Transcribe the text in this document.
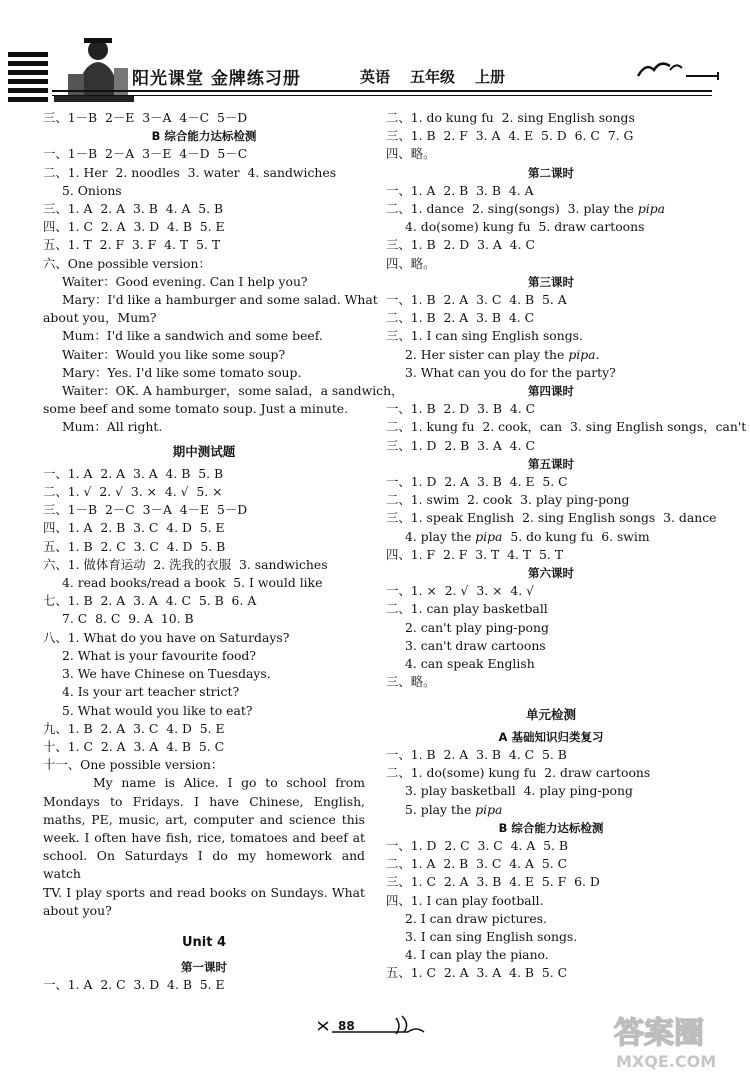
阳光课堂 金牌练习册	英语 五年级 上册
三、1－B  2－E  3－A  4－C  5－D
B 综合能力达标检测
一、1－B  2－A  3－E  4－D  5－C
二、1. Her  2. noodles  3. water  4. sandwiches
5. Onions
三、1. A  2. A  3. B  4. A  5. B
四、1. C  2. A  3. D  4. B  5. E
五、1. T  2. F  3. F  4. T  5. T
六、One possible version：
Waiter：Good evening. Can I help you?
Mary：I'd like a hamburger and some salad. What
about you，Mum?
Mum：I'd like a sandwich and some beef.
Waiter：Would you like some soup?
Mary：Yes. I'd like some tomato soup.
Waiter：OK. A hamburger，some salad，a sandwich，
some beef and some tomato soup. Just a minute.
Mum：All right.
期中测试题
一、1. A  2. A  3. A  4. B  5. B
二、1. √  2. √  3. ×  4. √  5. ×
三、1－B  2－C  3－A  4－E  5－D
四、1. A  2. B  3. C  4. D  5. E
五、1. B  2. C  3. C  4. D  5. B
六、1. 做体育运动  2. 洗我的衣服  3. sandwiches
4. read books/read a book  5. I would like
七、1. B  2. A  3. A  4. C  5. B  6. A
7. C  8. C  9. A  10. B
八、1. What do you have on Saturdays?
2. What is your favourite food?
3. We have Chinese on Tuesdays.
4. Is your art teacher strict?
5. What would you like to eat?
九、1. B  2. A  3. C  4. D  5. E
十、1. C  2. A  3. A  4. B  5. C
十一、One possible version：
My name is Alice. I go to school from
Mondays to Fridays. I have Chinese, English,
maths, PE, music, art, computer and science this
week. I often have fish, rice, tomatoes and beef at
school. On Saturdays I do my homework and watch
TV. I play sports and read books on Sundays. What
about you?
Unit 4
第一课时
一、1. A  2. C  3. D  4. B  5. E
二、1. do kung fu  2. sing English songs
三、1. B  2. F  3. A  4. E  5. D  6. C  7. G
四、略。
第二课时
一、1. A  2. B  3. B  4. A
二、1. dance  2. sing(songs)  3. play the pipa
4. do(some) kung fu  5. draw cartoons
三、1. B  2. D  3. A  4. C
四、略。
第三课时
一、1. B  2. A  3. C  4. B  5. A
二、1. B  2. A  3. B  4. C
三、1. I can sing English songs.
2. Her sister can play the pipa.
3. What can you do for the party?
第四课时
一、1. B  2. D  3. B  4. C
二、1. kung fu  2. cook，can  3. sing English songs，can't
三、1. D  2. B  3. A  4. C
第五课时
一、1. D  2. A  3. B  4. E  5. C
二、1. swim  2. cook  3. play ping-pong
三、1. speak English  2. sing English songs  3. dance
4. play the pipa  5. do kung fu  6. swim
四、1. F  2. F  3. T  4. T  5. T
第六课时
一、1. ×  2. √  3. ×  4. √
二、1. can play basketball
2. can't play ping-pong
3. can't draw cartoons
4. can speak English
三、略。
单元检测
A 基础知识归类复习
一、1. B  2. A  3. B  4. C  5. B
二、1. do(some) kung fu  2. draw cartoons
3. play basketball  4. play ping-pong
5. play the pipa
B 综合能力达标检测
一、1. D  2. C  3. C  4. A  5. B
二、1. A  2. B  3. C  4. A  5. C
三、1. C  2. A  3. B  4. E  5. F  6. D
四、1. I can play football.
2. I can draw pictures.
3. I can sing English songs.
4. I can play the piano.
五、1. C  2. A  3. A  4. B  5. C
88	答案圈
MXQE.COM
